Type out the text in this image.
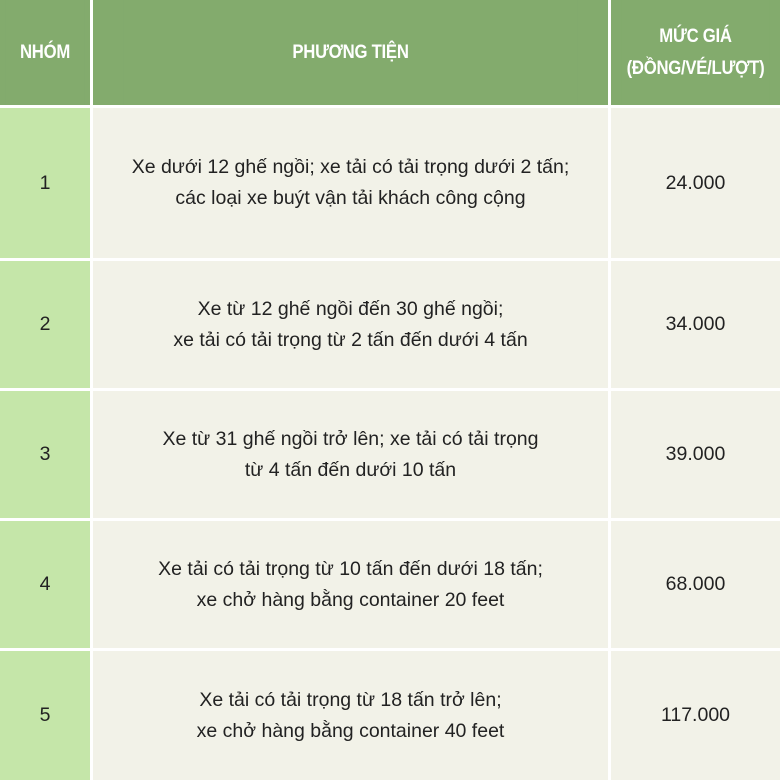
NHÓM	PHƯƠNG TIỆN
MỨC GIÁ
(ĐỒNG/VÉ/LƯỢT)
1
Xe dưới 12 ghế ngồi; xe tải có tải trọng dưới 2 tấn;
các loại xe buýt vận tải khách công cộng
24.000
2
Xe từ 12 ghế ngồi đến 30 ghế ngồi;
xe tải có tải trọng từ 2 tấn đến dưới 4 tấn
34.000
3
Xe từ 31 ghế ngồi trở lên; xe tải có tải trọng
từ 4 tấn đến dưới 10 tấn
39.000
4
Xe tải có tải trọng từ 10 tấn đến dưới 18 tấn;
xe chở hàng bằng container 20 feet
68.000
5
Xe tải có tải trọng từ 18 tấn trở lên;
xe chở hàng bằng container 40 feet
117.000
